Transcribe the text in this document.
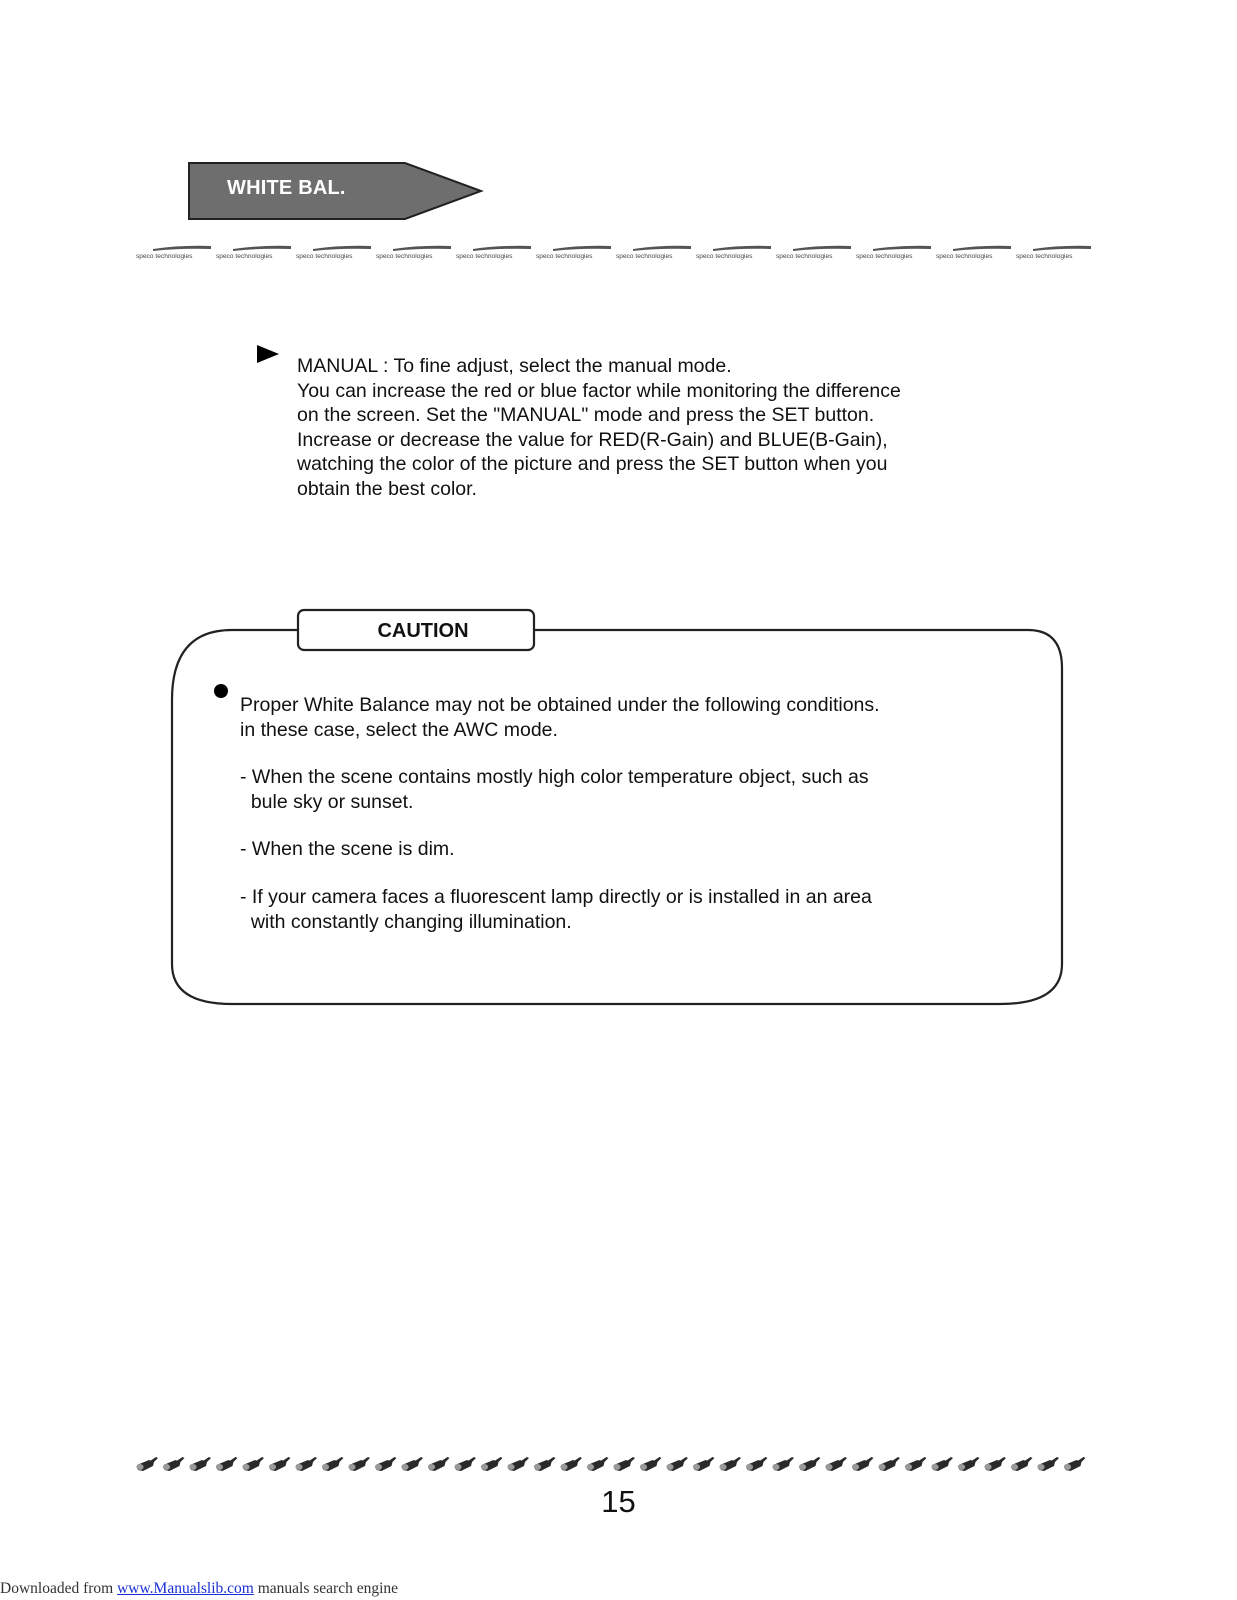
WHITE BAL.
speco technologies	speco technologies	speco technologies	speco technologies	speco technologies	speco technologies	speco technologies	speco technologies	speco technologies	speco technologies	speco technologies	speco technologies

MANUAL : To fine adjust, select the manual mode.

You can increase the red or blue factor while monitoring the difference

on the screen. Set the "MANUAL" mode and press the SET button.

Increase or decrease the value for RED(R-Gain) and BLUE(B-Gain),

watching the color of the picture and press the SET button when you

obtain the best color.

CAUTION

Proper White Balance may not be obtained under the following conditions.

in these case, select the AWC mode.

- When the scene contains mostly high color temperature object, such as

bule sky or sunset.

- When the scene is dim.

- If your camera faces a fluorescent lamp directly or is installed in an area

with constantly changing illumination.

15
Downloaded from www.Manualslib.com manuals search engine
